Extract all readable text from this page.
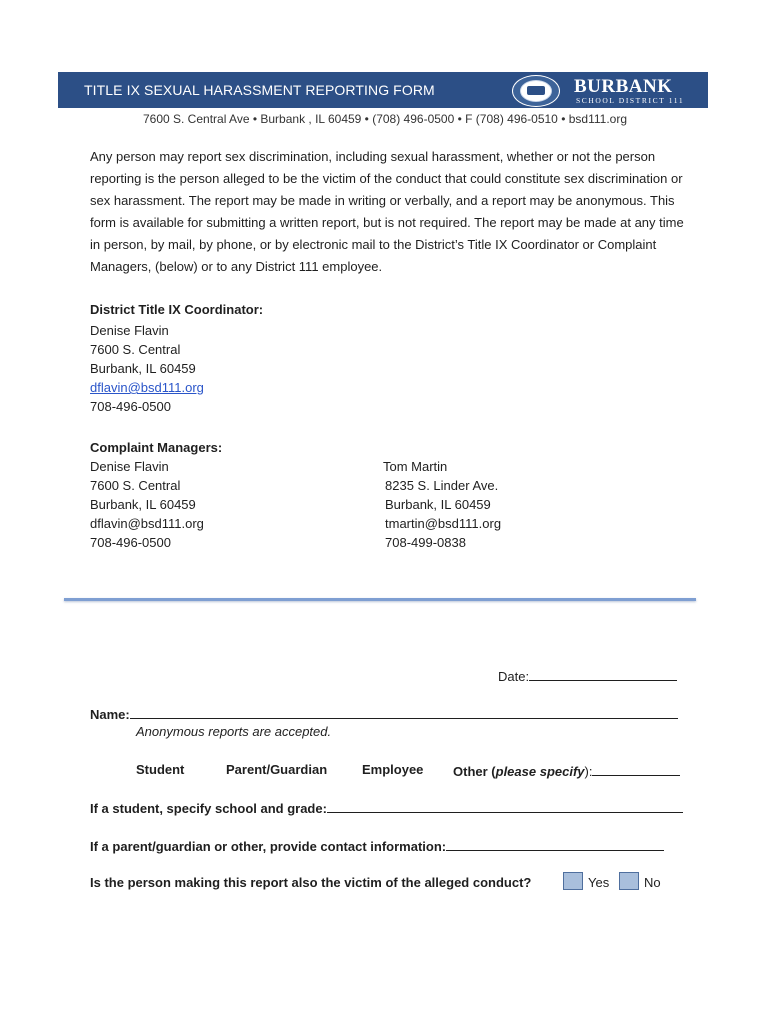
TITLE IX SEXUAL HARASSMENT REPORTING FORM	BURBANK
SCHOOL DISTRICT 111
7600 S. Central Ave • Burbank , IL 60459 • (708) 496-0500 • F (708) 496-0510 • bsd111.org

Any person may report sex discrimination, including sexual harassment, whether or not the person reporting is the person alleged to be the victim of the conduct that could constitute sex discrimination or sex harassment. The report may be made in writing or verbally, and a report may be anonymous. This form is available for submitting a written report, but is not required. The report may be made at any time in person, by mail, by phone, or by electronic mail to the District’s Title IX Coordinator or Complaint Managers, (below) or to any District 111 employee.

District Title IX Coordinator:
Denise Flavin
7600 S. Central
Burbank, IL 60459
dflavin@bsd111.org
708-496-0500
Complaint Managers:
Denise Flavin
7600 S. Central
Burbank, IL 60459
dflavin@bsd111.org
708-496-0500
Tom Martin
8235 S. Linder Ave.
Burbank, IL 60459
tmartin@bsd111.org
708-499-0838
Date:
Name:
Anonymous reports are accepted.
Student	Parent/Guardian	Employee Other (please specify):
If a student, specify school and grade:
If a parent/guardian or other, provide contact information:
Is the person making this report also the victim of the alleged conduct?	Yes	No
